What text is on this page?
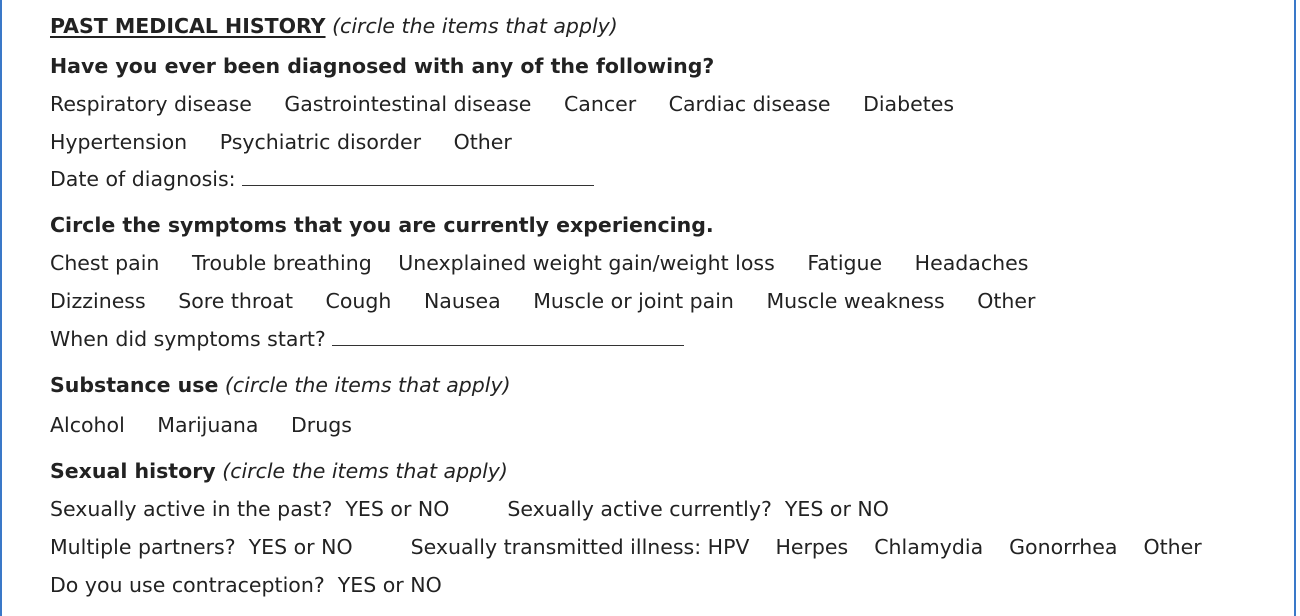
PAST MEDICAL HISTORY (circle the items that apply)
Have you ever been diagnosed with any of the following?
Respiratory disease Gastrointestinal disease Cancer Cardiac disease Diabetes
Hypertension Psychiatric disorder Other
Date of diagnosis:
Circle the symptoms that you are currently experiencing.
Chest pain Trouble breathing Unexplained weight gain/weight loss Fatigue Headaches
Dizziness Sore throat Cough Nausea Muscle or joint pain Muscle weakness Other
When did symptoms start?
Substance use (circle the items that apply)
Alcohol Marijuana Drugs
Sexual history (circle the items that apply)
Sexually active in the past? YES or NO	Sexually active currently? YES or NO
Multiple partners? YES or NO	Sexually transmitted illness: HPV Herpes Chlamydia Gonorrhea Other
Do you use contraception? YES or NO
